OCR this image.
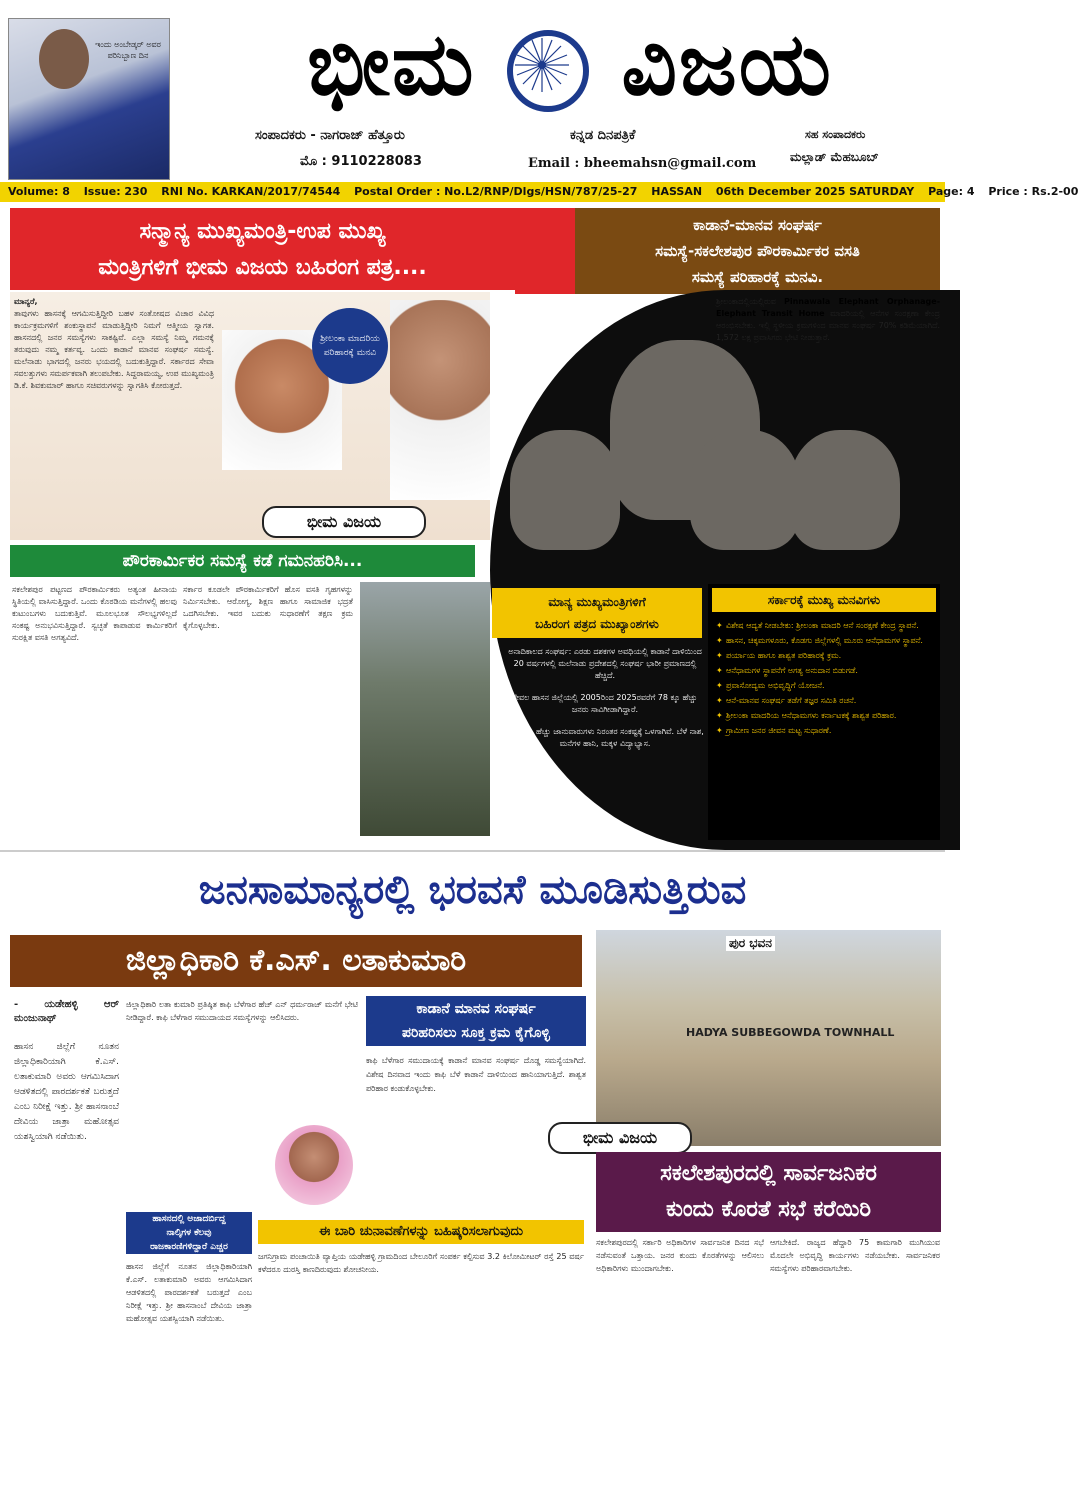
ಇಂದು ಅಂಬೇಡ್ಕರ್ ಅವರ ಪರಿನಿಬ್ಬಾಣ ದಿನ	ಭೀಮ ವಿಜಯ
ಸಂಪಾದಕರು - ನಾಗರಾಜ್ ಹೆತ್ತೂರು
ಮೊ : 9110228083
ಕನ್ನಡ ದಿನಪತ್ರಿಕೆ
Email : bheemahsn@gmail.com
ಸಹ ಸಂಪಾದಕರು
ಮಲ್ಲಾಡ್ ಮೆಹಬೂಬ್
Volume: 8 Issue: 230 RNI No. KARKAN/2017/74544 Postal Order : No.L2/RNP/Dlgs/HSN/787/25-27 HASSAN 06th December 2025 SATURDAY Page: 4 Price : Rs.2-00
ಸನ್ಮಾನ್ಯ ಮುಖ್ಯಮಂತ್ರಿ-ಉಪ ಮುಖ್ಯ
ಮಂತ್ರಿಗಳಿಗೆ ಭೀಮ ವಿಜಯ ಬಹಿರಂಗ ಪತ್ರ....
ಮಾನ್ಯರೆ,
ತಾವುಗಳು ಹಾಸನಕ್ಕೆ ಆಗಮಿಸುತ್ತಿದ್ದೀರಿ ಬಹಳ ಸಂತೋಷದ ವಿಚಾರ ವಿವಿಧ ಕಾರ್ಯಕ್ರಮಗಳಿಗೆ ಶಂಕುಸ್ಥಾಪನೆ ಮಾಡುತ್ತಿದ್ದೀರಿ ನಿಮಗೆ ಆತ್ಮೀಯ ಸ್ವಾಗತ. ಹಾಸನದಲ್ಲಿ ಜನರ ಸಮಸ್ಯೆಗಳು ಸಾಕಷ್ಟಿವೆ. ಎಲ್ಲಾ ಸಮಸ್ಯೆ ನಿಮ್ಮ ಗಮನಕ್ಕೆ ತರುವುದು ನಮ್ಮ ಕರ್ತವ್ಯ. ಒಂದು ಕಾಡಾನೆ ಮಾನವ ಸಂಘರ್ಷ ಸಮಸ್ಯೆ. ಮಲೆನಾಡು ಭಾಗದಲ್ಲಿ ಜನರು ಭಯದಲ್ಲಿ ಬದುಕುತ್ತಿದ್ದಾರೆ. ಸರ್ಕಾರದ ಸೇವಾ ಸವಲತ್ತುಗಳು ಸಮರ್ಪಕವಾಗಿ ತಲುಪಬೇಕು. ಸಿದ್ದರಾಮಯ್ಯ, ಉಪ ಮುಖ್ಯಮಂತ್ರಿ ಡಿ.ಕೆ. ಶಿವಕುಮಾರ್ ಹಾಗೂ ಸಚಿವರುಗಳನ್ನು ಸ್ವಾಗತಿಸಿ ಕೋರುತ್ತದೆ.
ಶ್ರೀಲಂಕಾ ಮಾದರಿಯ ಪರಿಹಾರಕ್ಕೆ ಮನವಿ
ಭೀಮ ವಿಜಯ
ಕಾಡಾನೆ-ಮಾನವ ಸಂಘರ್ಷ
ಸಮಸ್ಯೆ-ಸಕಲೇಶಪುರ ಪೌರಕಾರ್ಮಿಕರ ವಸತಿ
ಸಮಸ್ಯೆ ಪರಿಹಾರಕ್ಕೆ ಮನವಿ.
ಶ್ರೀಲಂಕಾದಲ್ಲಿಯಲ್ಲಿರುವ Pinnawala Elephant Orphanage- Elephant Transit Home ಮಾದರಿಯಲ್ಲಿ ಆನೆಗಳ ಸಂರಕ್ಷಣಾ ಕೇಂದ್ರ ಆರಂಭಿಸಬೇಕು. ಇಲ್ಲಿ ಸ್ಥಳೀಯ ಕ್ರಮಗಳಿಂದ ಮಾನವ ಸಂಘರ್ಷ 70% ಕಡಿಮೆಯಾಗಿದೆ. 1,572 ಲಕ್ಷ ಪ್ರವಾಸಿಗರು ಭೇಟಿ ನೀಡುತ್ತಾರೆ.
ಮಾನ್ಯ ಮುಖ್ಯಮಂತ್ರಿಗಳಿಗೆ
ಬಹಿರಂಗ ಪತ್ರದ ಮುಖ್ಯಾಂಶಗಳು
ಅನಾದಿಕಾಲದ ಸಂಘರ್ಷ: ಎರಡು ದಶಕಗಳ ಅವಧಿಯಲ್ಲಿ ಕಾಡಾನೆ ದಾಳಿಯಿಂದ 20 ವರ್ಷಗಳಲ್ಲಿ ಮಲೆನಾಡು ಪ್ರದೇಶದಲ್ಲಿ ಸಂಘರ್ಷ ಭಾರೀ ಪ್ರಮಾಣದಲ್ಲಿ ಹೆಚ್ಚಿದೆ.
ಕೇವಲ ಹಾಸನ ಜಿಲ್ಲೆಯಲ್ಲಿ 2005ರಿಂದ 2025ರವರೆಗೆ 78 ಕ್ಕೂ ಹೆಚ್ಚು ಜನರು ಸಾವಿಗೀಡಾಗಿದ್ದಾರೆ.
300 ಕ್ಕೂ ಹೆಚ್ಚು ಜಾನುವಾರುಗಳು ನಿರಂತರ ಸಂಕಷ್ಟಕ್ಕೆ ಒಳಗಾಗಿವೆ. ಬೆಳೆ ನಾಶ, ಮನೆಗಳ ಹಾನಿ, ಮಕ್ಕಳ ವಿದ್ಯಾಭ್ಯಾಸ.
ಸರ್ಕಾರಕ್ಕೆ ಮುಖ್ಯ ಮನವಿಗಳು
✦ ವಿಶೇಷ ಆದ್ಯತೆ ನೀಡಬೇಕು: ಶ್ರೀಲಂಕಾ ಮಾದರಿ ಆನೆ ಸಂರಕ್ಷಣೆ ಕೇಂದ್ರ ಸ್ಥಾಪನೆ.
✦ ಹಾಸನ, ಚಿಕ್ಕಮಗಳೂರು, ಕೊಡಗು ಜಿಲ್ಲೆಗಳಲ್ಲಿ ಮೂರು ಆನೆಧಾಮಗಳ ಸ್ಥಾಪನೆ.
✦ ಪರ್ಯಾಯ ಹಾಗೂ ಶಾಶ್ವತ ಪರಿಹಾರಕ್ಕೆ ಕ್ರಮ.
✦ ಆನೆಧಾಮಗಳ ಸ್ಥಾಪನೆಗೆ ಅಗತ್ಯ ಅನುದಾನ ಬಿಡುಗಡೆ.
✦ ಪ್ರವಾಸೋದ್ಯಮ ಅಭಿವೃದ್ಧಿಗೆ ಯೋಜನೆ.
✦ ಆನೆ-ಮಾನವ ಸಂಘರ್ಷ ತಡೆಗೆ ತಜ್ಞರ ಸಮಿತಿ ರಚನೆ.
✦ ಶ್ರೀಲಂಕಾ ಮಾದರಿಯ ಆನೆಧಾಮಗಳು ಕರ್ನಾಟಕಕ್ಕೆ ಶಾಶ್ವತ ಪರಿಹಾರ.
✦ ಗ್ರಾಮೀಣ ಜನರ ಜೀವನ ಮಟ್ಟ ಸುಧಾರಣೆ.
ಪೌರಕಾರ್ಮಿಕರ ಸಮಸ್ಯೆ ಕಡೆ ಗಮನಹರಿಸಿ...
ಸಕಲೇಶಪುರ ಪಟ್ಟಣದ ಪೌರಕಾರ್ಮಿಕರು ಅತ್ಯಂತ ಹೀನಾಯ ಸ್ಥಿತಿಯಲ್ಲಿ ವಾಸಿಸುತ್ತಿದ್ದಾರೆ. ಒಂದು ಕೊಠಡಿಯ ಮನೆಗಳಲ್ಲಿ ಹಲವು ಕುಟುಂಬಗಳು ಬದುಕುತ್ತಿವೆ. ಮೂಲಭೂತ ಸೌಲಭ್ಯಗಳಿಲ್ಲದೆ ಸಂಕಷ್ಟ ಅನುಭವಿಸುತ್ತಿದ್ದಾರೆ. ಸ್ವಚ್ಛತೆ ಕಾಪಾಡುವ ಕಾರ್ಮಿಕರಿಗೆ ಸುರಕ್ಷಿತ ವಸತಿ ಅಗತ್ಯವಿದೆ.
ಸರ್ಕಾರ ಕೂಡಲೇ ಪೌರಕಾರ್ಮಿಕರಿಗೆ ಹೊಸ ವಸತಿ ಗೃಹಗಳನ್ನು ನಿರ್ಮಿಸಬೇಕು. ಆರೋಗ್ಯ, ಶಿಕ್ಷಣ ಹಾಗೂ ಸಾಮಾಜಿಕ ಭದ್ರತೆ ಒದಗಿಸಬೇಕು. ಇವರ ಬದುಕು ಸುಧಾರಣೆಗೆ ತಕ್ಷಣ ಕ್ರಮ ಕೈಗೊಳ್ಳಬೇಕು.
ಜನಸಾಮಾನ್ಯರಲ್ಲಿ ಭರವಸೆ ಮೂಡಿಸುತ್ತಿರುವ
ಜಿಲ್ಲಾಧಿಕಾರಿ ಕೆ.ಎಸ್. ಲತಾಕುಮಾರಿ
- ಯಡೇಹಳ್ಳಿ ಆರ್ ಮಂಜುನಾಥ್
ಹಾಸನ ಜಿಲ್ಲೆಗೆ ನೂತನ ಜಿಲ್ಲಾಧಿಕಾರಿಯಾಗಿ ಕೆ.ಎಸ್. ಲತಾಕುಮಾರಿ ಅವರು ಆಗಮಿಸಿದಾಗ ಆಡಳಿತದಲ್ಲಿ ಪಾರದರ್ಶಕತೆ ಬರುತ್ತದೆ ಎಂಬ ನಿರೀಕ್ಷೆ ಇತ್ತು. ಶ್ರೀ ಹಾಸನಾಂಬೆ ದೇವಿಯ ಜಾತ್ರಾ ಮಹೋತ್ಸವ ಯಶಸ್ವಿಯಾಗಿ ನಡೆಯಿತು.
ಜಿಲ್ಲಾಧಿಕಾರಿ ಲತಾ ಕುಮಾರಿ ಪ್ರತಿಷ್ಠಿತ ಕಾಫಿ ಬೆಳೆಗಾರ ಹೆಚ್ ಎನ್ ಧರ್ಮರಾಜ್ ಮನೆಗೆ ಭೇಟಿ ನೀಡಿದ್ದಾರೆ. ಕಾಫಿ ಬೆಳೆಗಾರ ಸಮುದಾಯದ ಸಮಸ್ಯೆಗಳನ್ನು ಆಲಿಸಿದರು.
ಹಾಸನದಲ್ಲಿ ಅಜಾದರ್ಬಿದ್ದ
ನಾಲ್ಕಿಗಳ ಕೆಲವು
ರಾಜಕಾರಣಿಗಳಿದ್ದಾರೆ ಎಚ್ಚರ
ಹಾಸನ ಜಿಲ್ಲೆಗೆ ನೂತನ ಜಿಲ್ಲಾಧಿಕಾರಿಯಾಗಿ ಕೆ.ಎಸ್. ಲತಾಕುಮಾರಿ ಅವರು ಆಗಮಿಸಿದಾಗ ಆಡಳಿತದಲ್ಲಿ ಪಾರದರ್ಶಕತೆ ಬರುತ್ತದೆ ಎಂಬ ನಿರೀಕ್ಷೆ ಇತ್ತು. ಶ್ರೀ ಹಾಸನಾಂಬೆ ದೇವಿಯ ಜಾತ್ರಾ ಮಹೋತ್ಸವ ಯಶಸ್ವಿಯಾಗಿ ನಡೆಯಿತು.
ಕಾಡಾನೆ ಮಾನವ ಸಂಘರ್ಷ
ಪರಿಹರಿಸಲು ಸೂಕ್ತ ಕ್ರಮ ಕೈಗೊಳ್ಳಿ
ಕಾಫಿ ಬೆಳೆಗಾರ ಸಮುದಾಯಕ್ಕೆ ಕಾಡಾನೆ ಮಾನವ ಸಂಘರ್ಷ ದೊಡ್ಡ ಸಮಸ್ಯೆಯಾಗಿದೆ. ವಿಶೇಷ ದಿನವಾದ ಇಂದು ಕಾಫಿ ಬೆಳೆ ಕಾಡಾನೆ ದಾಳಿಯಿಂದ ಹಾನಿಯಾಗುತ್ತಿದೆ. ಶಾಶ್ವತ ಪರಿಹಾರ ಕಂಡುಕೊಳ್ಳಬೇಕು.
ಈ ಬಾರಿ ಚುನಾವಣೆಗಳನ್ನು ಬಹಿಷ್ಕರಿಸಲಾಗುವುದು
ಜಗನಿಗ್ರಾಮ ಪಂಚಾಯಿತಿ ವ್ಯಾಪ್ತಿಯ ಯಡೇಹಳ್ಳಿ ಗ್ರಾಮದಿಂದ ಬೇಲೂರಿಗೆ ಸಂಪರ್ಕ ಕಲ್ಪಿಸುವ 3.2 ಕಿಲೋಮೀಟರ್ ರಸ್ತೆ 25 ವರ್ಷ ಕಳೆದರೂ ದುರಸ್ತಿ ಕಾಣದಿರುವುದು ಶೋಚನೀಯ.
ಪುರ ಭವನ
HADYA SUBBEGOWDA TOWNHALL
ಭೀಮ ವಿಜಯ
ಸಕಲೇಶಪುರದಲ್ಲಿ ಸಾರ್ವಜನಿಕರ
ಕುಂದು ಕೊರತೆ ಸಭೆ ಕರೆಯಿರಿ
ಸಕಲೇಶಪುರದಲ್ಲಿ ಸರ್ಕಾರಿ ಅಧಿಕಾರಿಗಳ ಸಾರ್ವಜನಿಕ ದಿನದ ಸಭೆ ನಡೆಸುವಂತೆ ಒತ್ತಾಯ. ಜನರ ಕುಂದು ಕೊರತೆಗಳನ್ನು ಆಲಿಸಲು ಅಧಿಕಾರಿಗಳು ಮುಂದಾಗಬೇಕು.
ಆಗಬೇಕಿದೆ. ರಾಜ್ಯದ ಹೆದ್ದಾರಿ 75 ಕಾಮಗಾರಿ ಮುಗಿಯುವ ಮೊದಲೇ ಅಭಿವೃದ್ಧಿ ಕಾರ್ಯಗಳು ನಡೆಯಬೇಕು. ಸಾರ್ವಜನಿಕರ ಸಮಸ್ಯೆಗಳು ಪರಿಹಾರವಾಗಬೇಕು.
